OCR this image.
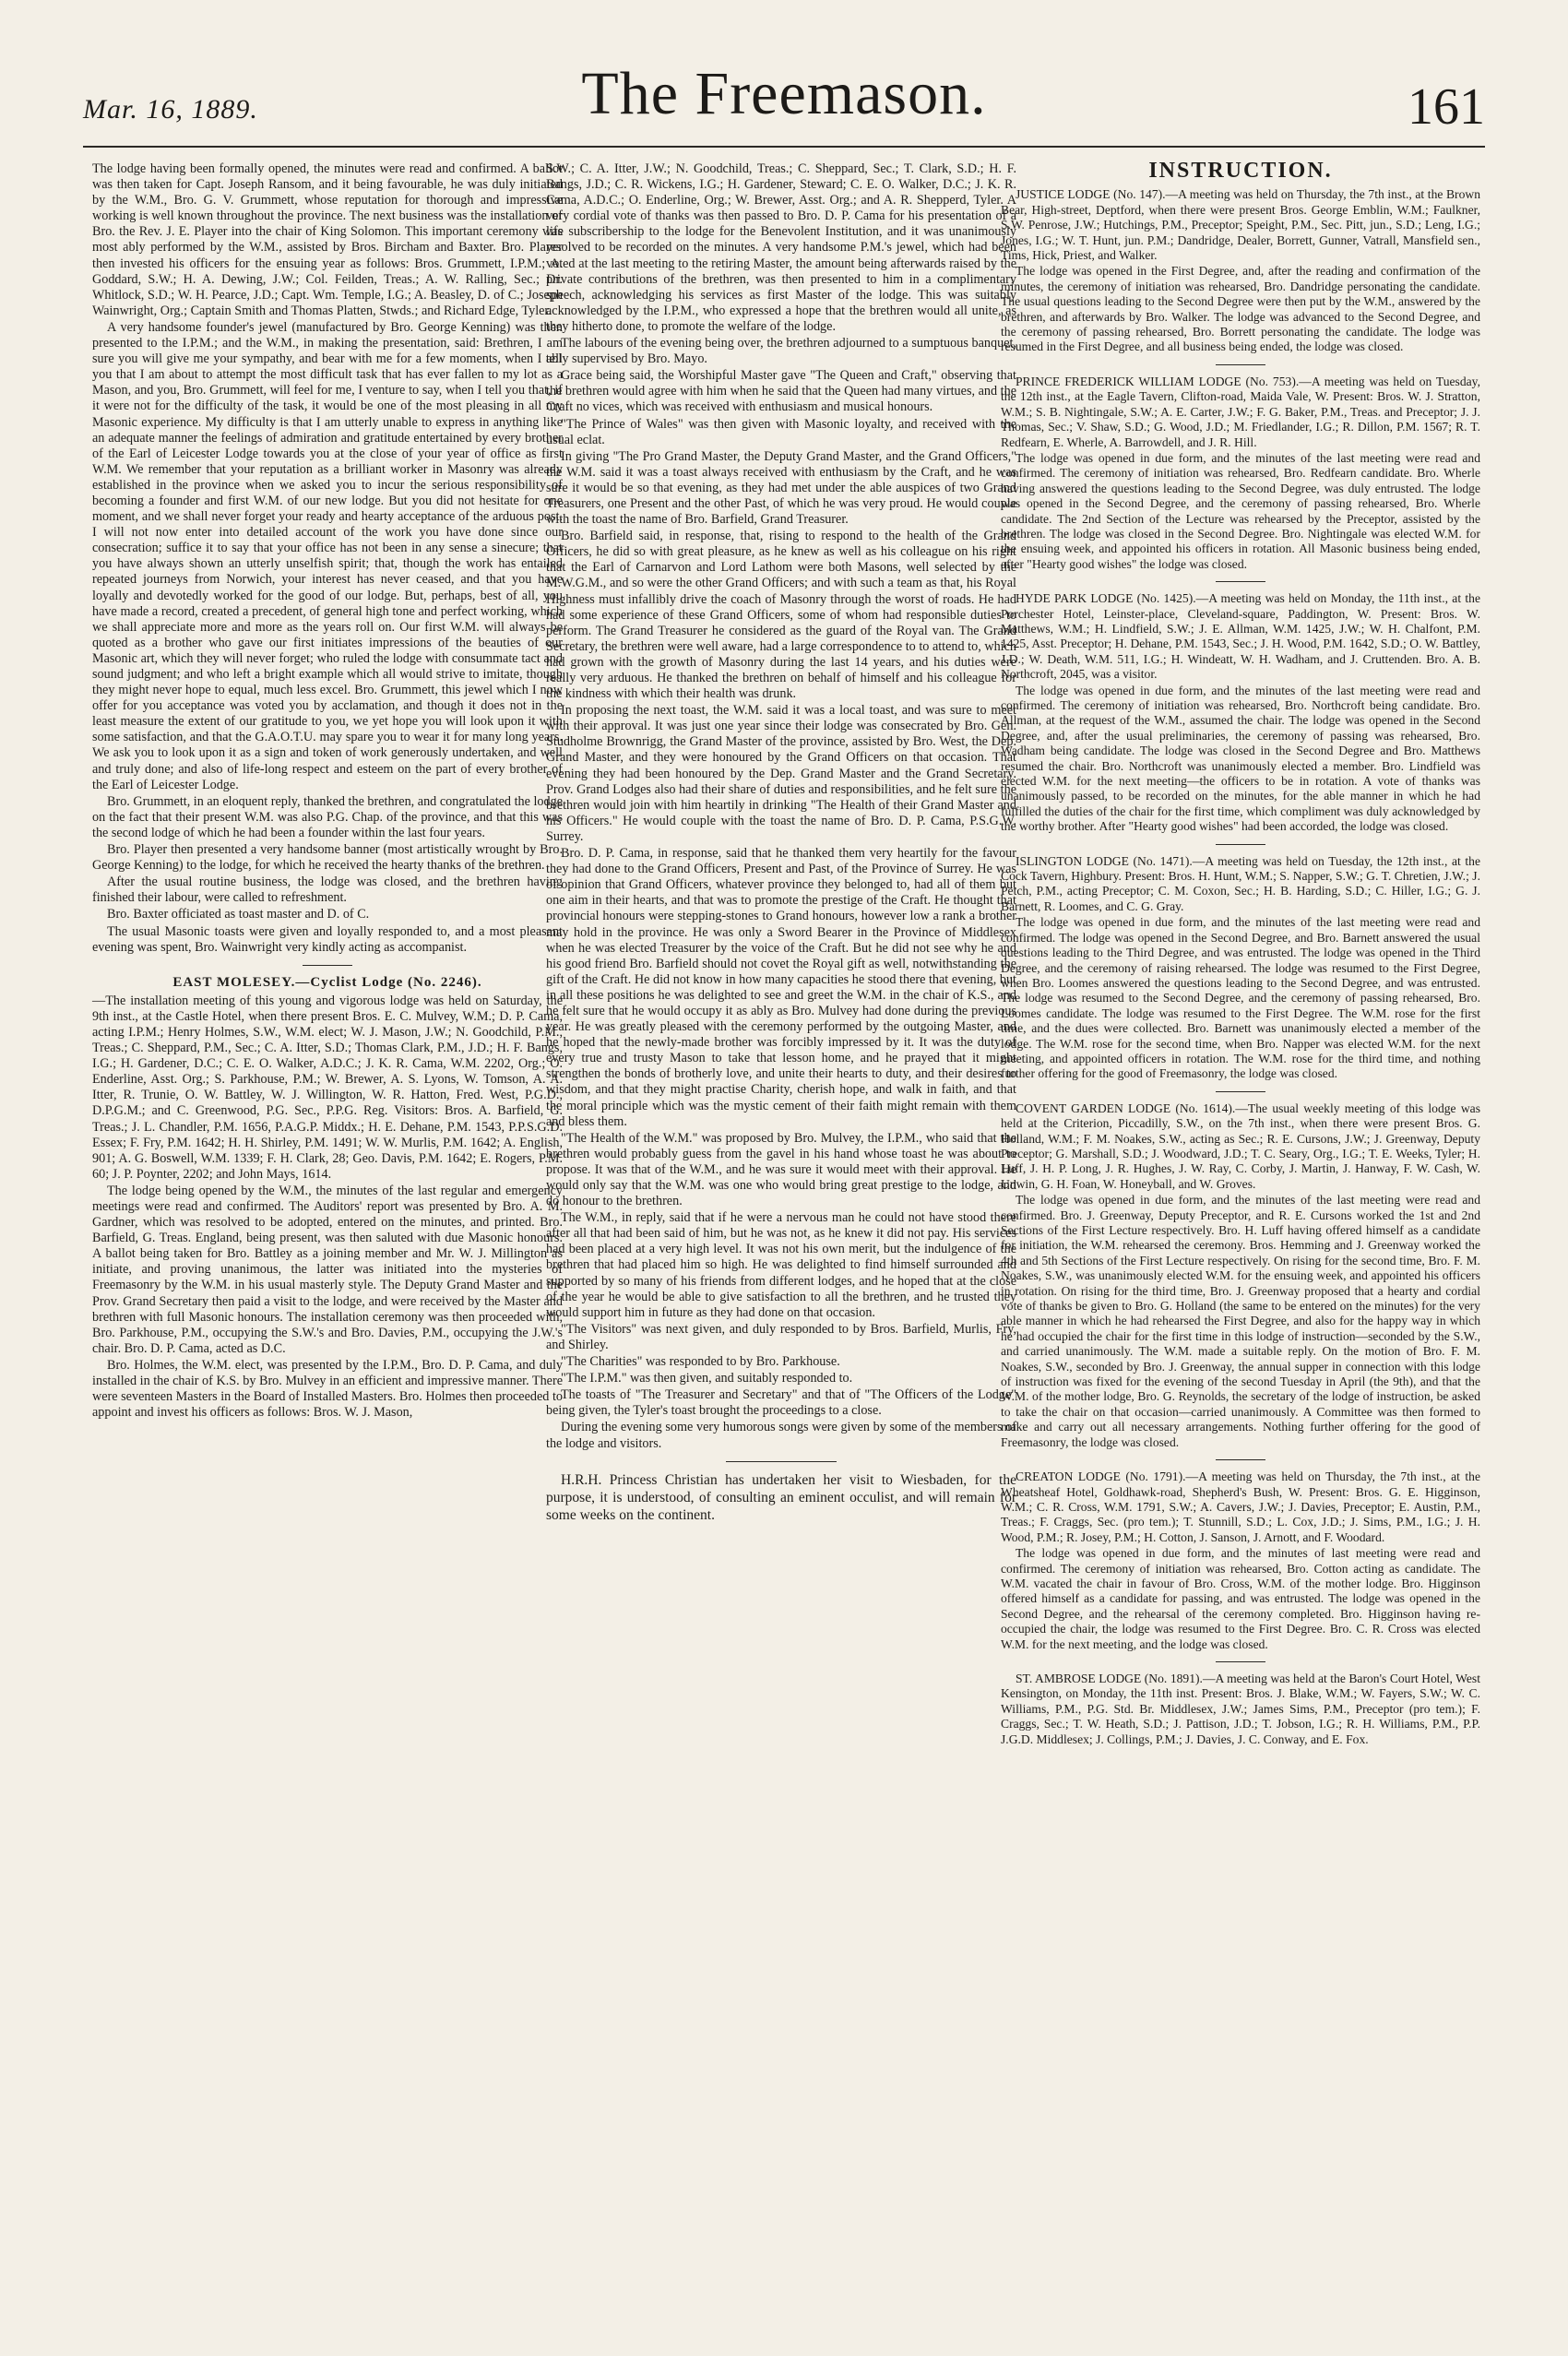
Mar. 16, 1889.	The Freemason.	161

The lodge having been formally opened, the minutes were read and confirmed. A ballot was then taken for Capt. Joseph Ransom, and it being favourable, he was duly initiated by the W.M., Bro. G. V. Grummett, whose reputation for thorough and impressive working is well known throughout the province. The next business was the installation of Bro. the Rev. J. E. Player into the chair of King Solomon. This important ceremony was most ably performed by the W.M., assisted by Bros. Bircham and Baxter. Bro. Player then invested his officers for the ensuing year as follows: Bros. Grummett, I.P.M.; A. Goddard, S.W.; H. A. Dewing, J.W.; Col. Feilden, Treas.; A. W. Ralling, Sec.; Dr. Whitlock, S.D.; W. H. Pearce, J.D.; Capt. Wm. Temple, I.G.; A. Beasley, D. of C.; Joseph Wainwright, Org.; Captain Smith and Thomas Platten, Stwds.; and Richard Edge, Tyler.

A very handsome founder's jewel (manufactured by Bro. George Kenning) was then presented to the I.P.M.; and the W.M., in making the presentation, said: Brethren, I am sure you will give me your sympathy, and bear with me for a few moments, when I tell you that I am about to attempt the most difficult task that has ever fallen to my lot as a Mason, and you, Bro. Grummett, will feel for me, I venture to say, when I tell you that, if it were not for the difficulty of the task, it would be one of the most pleasing in all my Masonic experience. My difficulty is that I am utterly unable to express in anything like an adequate manner the feelings of admiration and gratitude entertained by every brother of the Earl of Leicester Lodge towards you at the close of your year of office as first W.M. We remember that your reputation as a brilliant worker in Masonry was already established in the province when we asked you to incur the serious responsibility of becoming a founder and first W.M. of our new lodge. But you did not hesitate for one moment, and we shall never forget your ready and hearty acceptance of the arduous post. I will not now enter into detailed account of the work you have done since our consecration; suffice it to say that your office has not been in any sense a sinecure; that you have always shown an utterly unselfish spirit; that, though the work has entailed repeated journeys from Norwich, your interest has never ceased, and that you have loyally and devotedly worked for the good of our lodge. But, perhaps, best of all, you have made a record, created a precedent, of general high tone and perfect working, which we shall appreciate more and more as the years roll on. Our first W.M. will always be quoted as a brother who gave our first initiates impressions of the beauties of our Masonic art, which they will never forget; who ruled the lodge with consummate tact and sound judgment; and who left a bright example which all would strive to imitate, though they might never hope to equal, much less excel. Bro. Grummett, this jewel which I now offer for you acceptance was voted you by acclamation, and though it does not in the least measure the extent of our gratitude to you, we yet hope you will look upon it with some satisfaction, and that the G.A.O.T.U. may spare you to wear it for many long years. We ask you to look upon it as a sign and token of work generously undertaken, and well and truly done; and also of life-long respect and esteem on the part of every brother of the Earl of Leicester Lodge.

Bro. Grummett, in an eloquent reply, thanked the brethren, and congratulated the lodge on the fact that their present W.M. was also P.G. Chap. of the province, and that this was the second lodge of which he had been a founder within the last four years.

Bro. Player then presented a very handsome banner (most artistically wrought by Bro. George Kenning) to the lodge, for which he received the hearty thanks of the brethren.

After the usual routine business, the lodge was closed, and the brethren having finished their labour, were called to refreshment.

Bro. Baxter officiated as toast master and D. of C.

The usual Masonic toasts were given and loyally responded to, and a most pleasant evening was spent, Bro. Wainwright very kindly acting as accompanist.

EAST MOLESEY.—Cyclist Lodge (No. 2246).

—The installation meeting of this young and vigorous lodge was held on Saturday, the 9th inst., at the Castle Hotel, when there present Bros. E. C. Mulvey, W.M.; D. P. Cama, acting I.P.M.; Henry Holmes, S.W., W.M. elect; W. J. Mason, J.W.; N. Goodchild, P.M., Treas.; C. Sheppard, P.M., Sec.; C. A. Itter, S.D.; Thomas Clark, P.M., J.D.; H. F. Bangs, I.G.; H. Gardener, D.C.; C. E. O. Walker, A.D.C.; J. K. R. Cama, W.M. 2202, Org.; O. Enderline, Asst. Org.; S. Parkhouse, P.M.; W. Brewer, A. S. Lyons, W. Tomson, A. A. Itter, R. Trunie, O. W. Battley, W. J. Willington, W. R. Hatton, Fred. West, P.G.D., D.P.G.M.; and C. Greenwood, P.G. Sec., P.P.G. Reg. Visitors: Bros. A. Barfield, G. Treas.; J. L. Chandler, P.M. 1656, P.A.G.P. Middx.; H. E. Dehane, P.M. 1543, P.P.S.G.D. Essex; F. Fry, P.M. 1642; H. H. Shirley, P.M. 1491; W. W. Murlis, P.M. 1642; A. English, 901; A. G. Boswell, W.M. 1339; F. H. Clark, 28; Geo. Davis, P.M. 1642; E. Rogers, P.M. 60; J. P. Poynter, 2202; and John Mays, 1614.

The lodge being opened by the W.M., the minutes of the last regular and emergency meetings were read and confirmed. The Auditors' report was presented by Bro. A. M. Gardner, which was resolved to be adopted, entered on the minutes, and printed. Bro. Barfield, G. Treas. England, being present, was then saluted with due Masonic honours. A ballot being taken for Bro. Battley as a joining member and Mr. W. J. Millington as initiate, and proving unanimous, the latter was initiated into the mysteries of Freemasonry by the W.M. in his usual masterly style. The Deputy Grand Master and the Prov. Grand Secretary then paid a visit to the lodge, and were received by the Master and brethren with full Masonic honours. The installation ceremony was then proceeded with, Bro. Parkhouse, P.M., occupying the S.W.'s and Bro. Davies, P.M., occupying the J.W.'s chair. Bro. D. P. Cama, acted as D.C.

Bro. Holmes, the W.M. elect, was presented by the I.P.M., Bro. D. P. Cama, and duly installed in the chair of K.S. by Bro. Mulvey in an efficient and impressive manner. There were seventeen Masters in the Board of Installed Masters. Bro. Holmes then proceeded to appoint and invest his officers as follows: Bros. W. J. Mason,

S.W.; C. A. Itter, J.W.; N. Goodchild, Treas.; C. Sheppard, Sec.; T. Clark, S.D.; H. F. Bangs, J.D.; C. R. Wickens, I.G.; H. Gardener, Steward; C. E. O. Walker, D.C.; J. K. R. Cama, A.D.C.; O. Enderline, Org.; W. Brewer, Asst. Org.; and A. R. Shepperd, Tyler. A very cordial vote of thanks was then passed to Bro. D. P. Cama for his presentation of a life subscribership to the lodge for the Benevolent Institution, and it was unanimously resolved to be recorded on the minutes. A very handsome P.M.'s jewel, which had been voted at the last meeting to the retiring Master, the amount being afterwards raised by the private contributions of the brethren, was then presented to him in a complimentary speech, acknowledging his services as first Master of the lodge. This was suitably acknowledged by the I.P.M., who expressed a hope that the brethren would all unite, as they hitherto done, to promote the welfare of the lodge.

The labours of the evening being over, the brethren adjourned to a sumptuous banquet, ably supervised by Bro. Mayo.

Grace being said, the Worshipful Master gave "The Queen and Craft," observing that the brethren would agree with him when he said that the Queen had many virtues, and the Craft no vices, which was received with enthusiasm and musical honours.

"The Prince of Wales" was then given with Masonic loyalty, and received with the usual eclat.

In giving "The Pro Grand Master, the Deputy Grand Master, and the Grand Officers," the W.M. said it was a toast always received with enthusiasm by the Craft, and he was sure it would be so that evening, as they had met under the able auspices of two Grand Treasurers, one Present and the other Past, of which he was very proud. He would couple with the toast the name of Bro. Barfield, Grand Treasurer.

Bro. Barfield said, in response, that, rising to respond to the health of the Grand Officers, he did so with great pleasure, as he knew as well as his colleague on his right that the Earl of Carnarvon and Lord Lathom were both Masons, well selected by the M.W.G.M., and so were the other Grand Officers; and with such a team as that, his Royal Highness must infallibly drive the coach of Masonry through the worst of roads. He had had some experience of these Grand Officers, some of whom had responsible duties to perform. The Grand Treasurer he considered as the guard of the Royal van. The Grand Secretary, the brethren were well aware, had a large correspondence to to attend to, which had grown with the growth of Masonry during the last 14 years, and his duties were really very arduous. He thanked the brethren on behalf of himself and his colleague for the kindness with which their health was drunk.

In proposing the next toast, the W.M. said it was a local toast, and was sure to meet with their approval. It was just one year since their lodge was consecrated by Bro. Gen. Studholme Brownrigg, the Grand Master of the province, assisted by Bro. West, the Dep. Grand Master, and they were honoured by the Grand Officers on that occasion. That evening they had been honoured by the Dep. Grand Master and the Grand Secretary. Prov. Grand Lodges also had their share of duties and responsibilities, and he felt sure the brethren would join with him heartily in drinking "The Health of their Grand Master and his Officers." He would couple with the toast the name of Bro. D. P. Cama, P.S.G.W. Surrey.

Bro. D. P. Cama, in response, said that he thanked them very heartily for the favour they had done to the Grand Officers, Present and Past, of the Province of Surrey. He was of opinion that Grand Officers, whatever province they belonged to, had all of them but one aim in their hearts, and that was to promote the prestige of the Craft. He thought that provincial honours were stepping-stones to Grand honours, however low a rank a brother may hold in the province. He was only a Sword Bearer in the Province of Middlesex when he was elected Treasurer by the voice of the Craft. But he did not see why he and his good friend Bro. Barfield should not covet the Royal gift as well, notwithstanding the gift of the Craft. He did not know in how many capacities he stood there that evening, but in all these positions he was delighted to see and greet the W.M. in the chair of K.S., and he felt sure that he would occupy it as ably as Bro. Mulvey had done during the previous year. He was greatly pleased with the ceremony performed by the outgoing Master, and he hoped that the newly-made brother was forcibly impressed by it. It was the duty of every true and trusty Mason to take that lesson home, and he prayed that it might strengthen the bonds of brotherly love, and unite their hearts to duty, and their desires to wisdom, and that they might practise Charity, cherish hope, and walk in faith, and that the moral principle which was the mystic cement of their faith might remain with them and bless them.

"The Health of the W.M." was proposed by Bro. Mulvey, the I.P.M., who said that the brethren would probably guess from the gavel in his hand whose toast he was about to propose. It was that of the W.M., and he was sure it would meet with their approval. He would only say that the W.M. was one who would bring great prestige to the lodge, and do honour to the brethren.

The W.M., in reply, said that if he were a nervous man he could not have stood there after all that had been said of him, but he was not, as he knew it did not pay. His services had been placed at a very high level. It was not his own merit, but the indulgence of the brethren that had placed him so high. He was delighted to find himself surrounded and supported by so many of his friends from different lodges, and he hoped that at the close of the year he would be able to give satisfaction to all the brethren, and he trusted they would support him in future as they had done on that occasion.

"The Visitors" was next given, and duly responded to by Bros. Barfield, Murlis, Fry, and Shirley.

"The Charities" was responded to by Bro. Parkhouse.

"The I.P.M." was then given, and suitably responded to.

The toasts of "The Treasurer and Secretary" and that of "The Officers of the Lodge" being given, the Tyler's toast brought the proceedings to a close.

During the evening some very humorous songs were given by some of the members of the lodge and visitors.

H.R.H. Princess Christian has undertaken her visit to Wiesbaden, for the purpose, it is understood, of consulting an eminent occulist, and will remain for some weeks on the continent.

INSTRUCTION.

JUSTICE LODGE (No. 147).—A meeting was held on Thursday, the 7th inst., at the Brown Bear, High-street, Deptford, when there were present Bros. George Emblin, W.M.; Faulkner, S.W. Penrose, J.W.; Hutchings, P.M., Preceptor; Speight, P.M., Sec. Pitt, jun., S.D.; Leng, I.G.; Jones, I.G.; W. T. Hunt, jun. P.M.; Dandridge, Dealer, Borrett, Gunner, Vatrall, Mansfield sen., Tims, Hick, Priest, and Walker.

The lodge was opened in the First Degree, and, after the reading and confirmation of the minutes, the ceremony of initiation was rehearsed, Bro. Dandridge personating the candidate. The usual questions leading to the Second Degree were then put by the W.M., answered by the brethren, and afterwards by Bro. Walker. The lodge was advanced to the Second Degree, and the ceremony of passing rehearsed, Bro. Borrett personating the candidate. The lodge was resumed in the First Degree, and all business being ended, the lodge was closed.

PRINCE FREDERICK WILLIAM LODGE (No. 753).—A meeting was held on Tuesday, the 12th inst., at the Eagle Tavern, Clifton-road, Maida Vale, W. Present: Bros. W. J. Stratton, W.M.; S. B. Nightingale, S.W.; A. E. Carter, J.W.; F. G. Baker, P.M., Treas. and Preceptor; J. J. Thomas, Sec.; V. Shaw, S.D.; G. Wood, J.D.; M. Friedlander, I.G.; R. Dillon, P.M. 1567; R. T. Redfearn, E. Wherle, A. Barrowdell, and J. R. Hill.

The lodge was opened in due form, and the minutes of the last meeting were read and confirmed. The ceremony of initiation was rehearsed, Bro. Redfearn candidate. Bro. Wherle having answered the questions leading to the Second Degree, was duly entrusted. The lodge was opened in the Second Degree, and the ceremony of passing rehearsed, Bro. Wherle candidate. The 2nd Section of the Lecture was rehearsed by the Preceptor, assisted by the brethren. The lodge was closed in the Second Degree. Bro. Nightingale was elected W.M. for the ensuing week, and appointed his officers in rotation. All Masonic business being ended, after "Hearty good wishes" the lodge was closed.

HYDE PARK LODGE (No. 1425).—A meeting was held on Monday, the 11th inst., at the Porchester Hotel, Leinster-place, Cleveland-square, Paddington, W. Present: Bros. W. Matthews, W.M.; H. Lindfield, S.W.; J. E. Allman, W.M. 1425, J.W.; W. H. Chalfont, P.M. 1425, Asst. Preceptor; H. Dehane, P.M. 1543, Sec.; J. H. Wood, P.M. 1642, S.D.; O. W. Battley, J.D.; W. Death, W.M. 511, I.G.; H. Windeatt, W. H. Wadham, and J. Cruttenden. Bro. A. B. Northcroft, 2045, was a visitor.

The lodge was opened in due form, and the minutes of the last meeting were read and confirmed. The ceremony of initiation was rehearsed, Bro. Northcroft being candidate. Bro. Allman, at the request of the W.M., assumed the chair. The lodge was opened in the Second Degree, and, after the usual preliminaries, the ceremony of passing was rehearsed, Bro. Wadham being candidate. The lodge was closed in the Second Degree and Bro. Matthews resumed the chair. Bro. Northcroft was unanimously elected a member. Bro. Lindfield was elected W.M. for the next meeting—the officers to be in rotation. A vote of thanks was unanimously passed, to be recorded on the minutes, for the able manner in which he had fulfilled the duties of the chair for the first time, which compliment was duly acknowledged by the worthy brother. After "Hearty good wishes" had been accorded, the lodge was closed.

ISLINGTON LODGE (No. 1471).—A meeting was held on Tuesday, the 12th inst., at the Cock Tavern, Highbury. Present: Bros. H. Hunt, W.M.; S. Napper, S.W.; G. T. Chretien, J.W.; J. Petch, P.M., acting Preceptor; C. M. Coxon, Sec.; H. B. Harding, S.D.; C. Hiller, I.G.; G. J. Barnett, R. Loomes, and C. G. Gray.

The lodge was opened in due form, and the minutes of the last meeting were read and confirmed. The lodge was opened in the Second Degree, and Bro. Barnett answered the usual questions leading to the Third Degree, and was entrusted. The lodge was opened in the Third Degree, and the ceremony of raising rehearsed. The lodge was resumed to the First Degree, when Bro. Loomes answered the questions leading to the Second Degree, and was entrusted. The lodge was resumed to the Second Degree, and the ceremony of passing rehearsed, Bro. Loomes candidate. The lodge was resumed to the First Degree. The W.M. rose for the first time, and the dues were collected. Bro. Barnett was unanimously elected a member of the lodge. The W.M. rose for the second time, when Bro. Napper was elected W.M. for the next meeting, and appointed officers in rotation. The W.M. rose for the third time, and nothing further offering for the good of Freemasonry, the lodge was closed.

COVENT GARDEN LODGE (No. 1614).—The usual weekly meeting of this lodge was held at the Criterion, Piccadilly, S.W., on the 7th inst., when there were present Bros. G. Holland, W.M.; F. M. Noakes, S.W., acting as Sec.; R. E. Cursons, J.W.; J. Greenway, Deputy Preceptor; G. Marshall, S.D.; J. Woodward, J.D.; T. C. Seary, Org., I.G.; T. E. Weeks, Tyler; H. Luff, J. H. P. Long, J. R. Hughes, J. W. Ray, C. Corby, J. Martin, J. Hanway, F. W. Cash, W. Unwin, G. H. Foan, W. Honeyball, and W. Groves.

The lodge was opened in due form, and the minutes of the last meeting were read and confirmed. Bro. J. Greenway, Deputy Preceptor, and R. E. Cursons worked the 1st and 2nd Sections of the First Lecture respectively. Bro. H. Luff having offered himself as a candidate for initiation, the W.M. rehearsed the ceremony. Bros. Hemming and J. Greenway worked the 4th and 5th Sections of the First Lecture respectively. On rising for the second time, Bro. F. M. Noakes, S.W., was unanimously elected W.M. for the ensuing week, and appointed his officers in rotation. On rising for the third time, Bro. J. Greenway proposed that a hearty and cordial vote of thanks be given to Bro. G. Holland (the same to be entered on the minutes) for the very able manner in which he had rehearsed the First Degree, and also for the happy way in which he had occupied the chair for the first time in this lodge of instruction—seconded by the S.W., and carried unanimously. The W.M. made a suitable reply. On the motion of Bro. F. M. Noakes, S.W., seconded by Bro. J. Greenway, the annual supper in connection with this lodge of instruction was fixed for the evening of the second Tuesday in April (the 9th), and that the W.M. of the mother lodge, Bro. G. Reynolds, the secretary of the lodge of instruction, be asked to take the chair on that occasion—carried unanimously. A Committee was then formed to make and carry out all necessary arrangements. Nothing further offering for the good of Freemasonry, the lodge was closed.

CREATON LODGE (No. 1791).—A meeting was held on Thursday, the 7th inst., at the Wheatsheaf Hotel, Goldhawk-road, Shepherd's Bush, W. Present: Bros. G. E. Higginson, W.M.; C. R. Cross, W.M. 1791, S.W.; A. Cavers, J.W.; J. Davies, Preceptor; E. Austin, P.M., Treas.; F. Craggs, Sec. (pro tem.); T. Stunnill, S.D.; L. Cox, J.D.; J. Sims, P.M., I.G.; J. H. Wood, P.M.; R. Josey, P.M.; H. Cotton, J. Sanson, J. Arnott, and F. Woodard.

The lodge was opened in due form, and the minutes of last meeting were read and confirmed. The ceremony of initiation was rehearsed, Bro. Cotton acting as candidate. The W.M. vacated the chair in favour of Bro. Cross, W.M. of the mother lodge. Bro. Higginson offered himself as a candidate for passing, and was entrusted. The lodge was opened in the Second Degree, and the rehearsal of the ceremony completed. Bro. Higginson having re-occupied the chair, the lodge was resumed to the First Degree. Bro. C. R. Cross was elected W.M. for the next meeting, and the lodge was closed.

ST. AMBROSE LODGE (No. 1891).—A meeting was held at the Baron's Court Hotel, West Kensington, on Monday, the 11th inst. Present: Bros. J. Blake, W.M.; W. Fayers, S.W.; W. C. Williams, P.M., P.G. Std. Br. Middlesex, J.W.; James Sims, P.M., Preceptor (pro tem.); F. Craggs, Sec.; T. W. Heath, S.D.; J. Pattison, J.D.; T. Jobson, I.G.; R. H. Williams, P.M., P.P. J.G.D. Middlesex; J. Collings, P.M.; J. Davies, J. C. Conway, and E. Fox.
